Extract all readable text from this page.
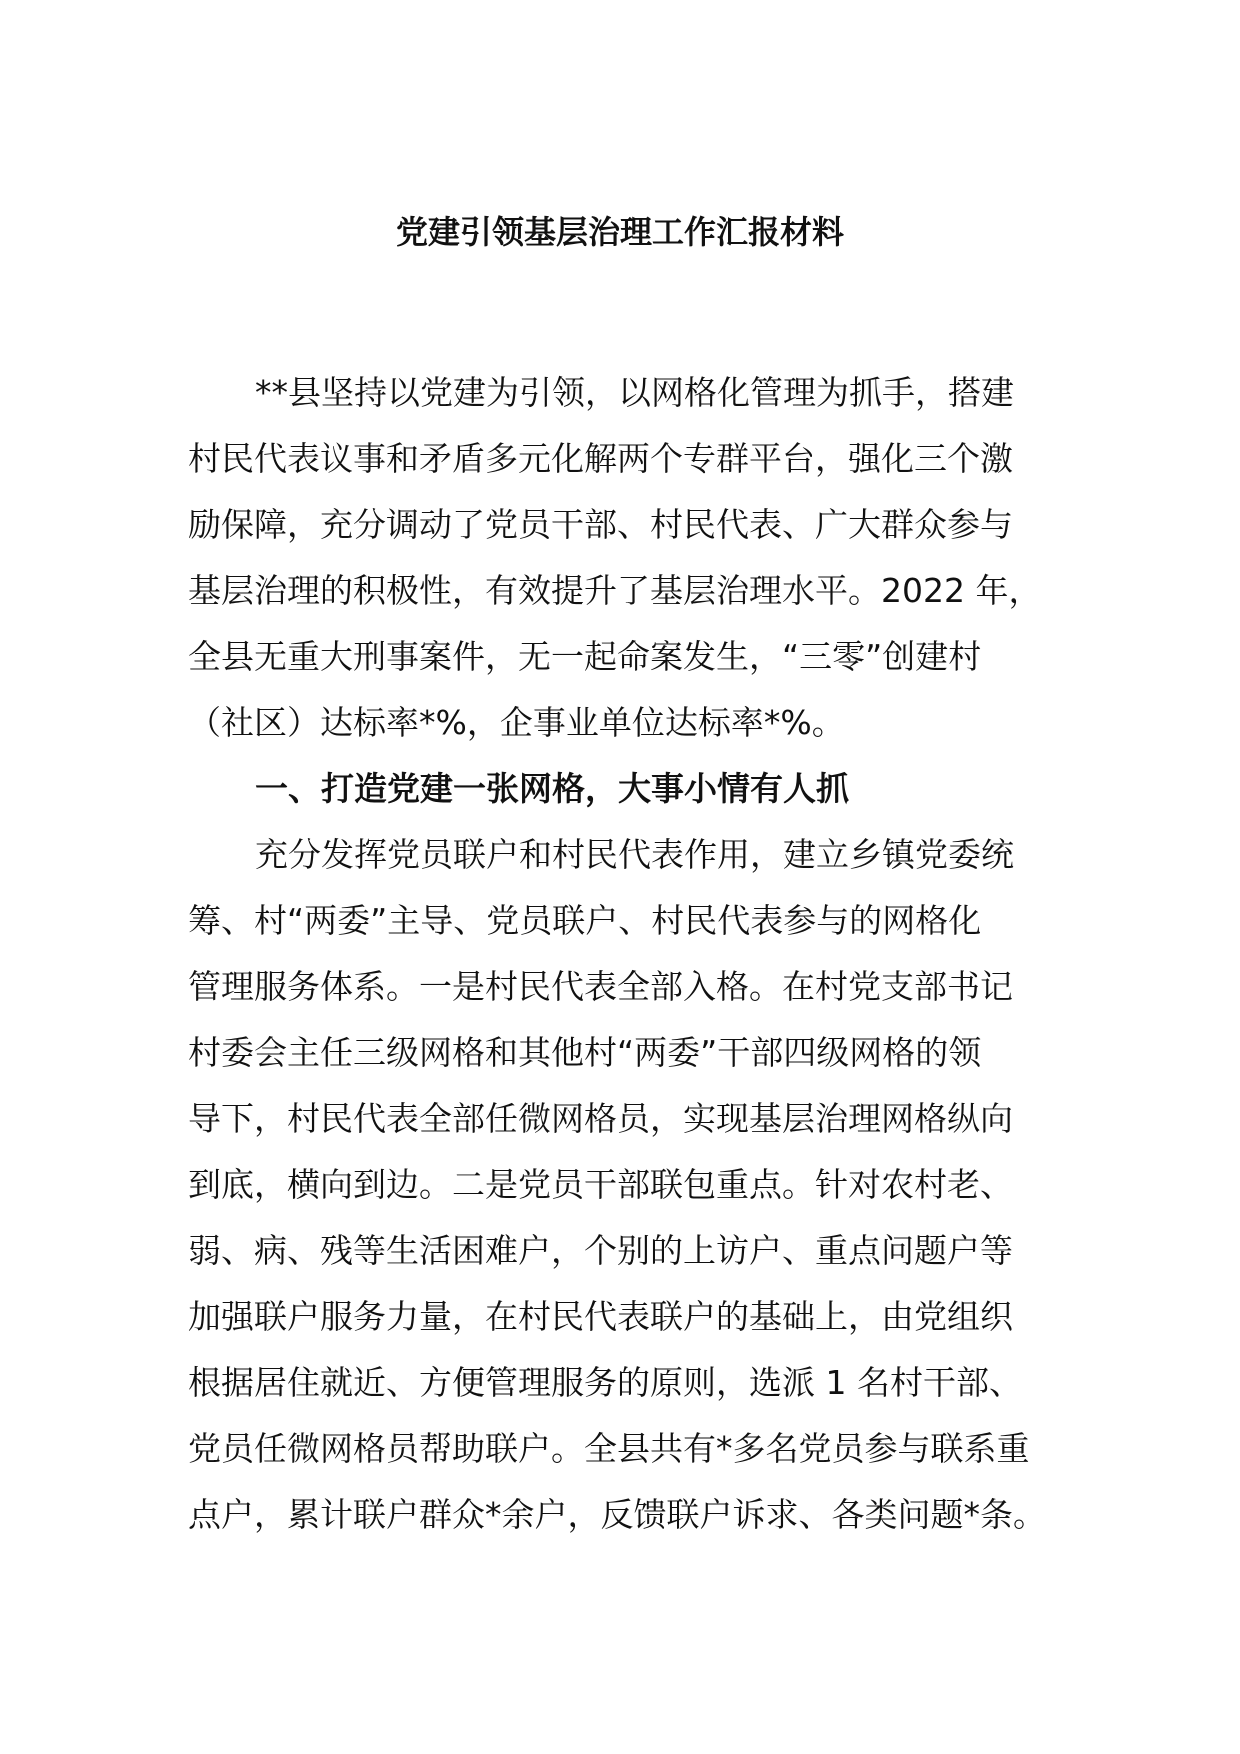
党建引领基层治理工作汇报材料
**县坚持以党建为引领，以网格化管理为抓手，搭建
村民代表议事和矛盾多元化解两个专群平台，强化三个激
励保障，充分调动了党员干部、村民代表、广大群众参与
基层治理的积极性，有效提升了基层治理水平。2022 年，
全县无重大刑事案件，无一起命案发生，“三零”创建村
（社区）达标率*%，企事业单位达标率*%。
一、打造党建一张网格，大事小情有人抓
充分发挥党员联户和村民代表作用，建立乡镇党委统
筹、村“两委”主导、党员联户、村民代表参与的网格化
管理服务体系。一是村民代表全部入格。在村党支部书记
村委会主任三级网格和其他村“两委”干部四级网格的领
导下，村民代表全部任微网格员，实现基层治理网格纵向
到底，横向到边。二是党员干部联包重点。针对农村老、
弱、病、残等生活困难户，个别的上访户、重点问题户等
加强联户服务力量，在村民代表联户的基础上，由党组织
根据居住就近、方便管理服务的原则，选派 1 名村干部、
党员任微网格员帮助联户。全县共有*多名党员参与联系重
点户，累计联户群众*余户，反馈联户诉求、各类问题*条。
